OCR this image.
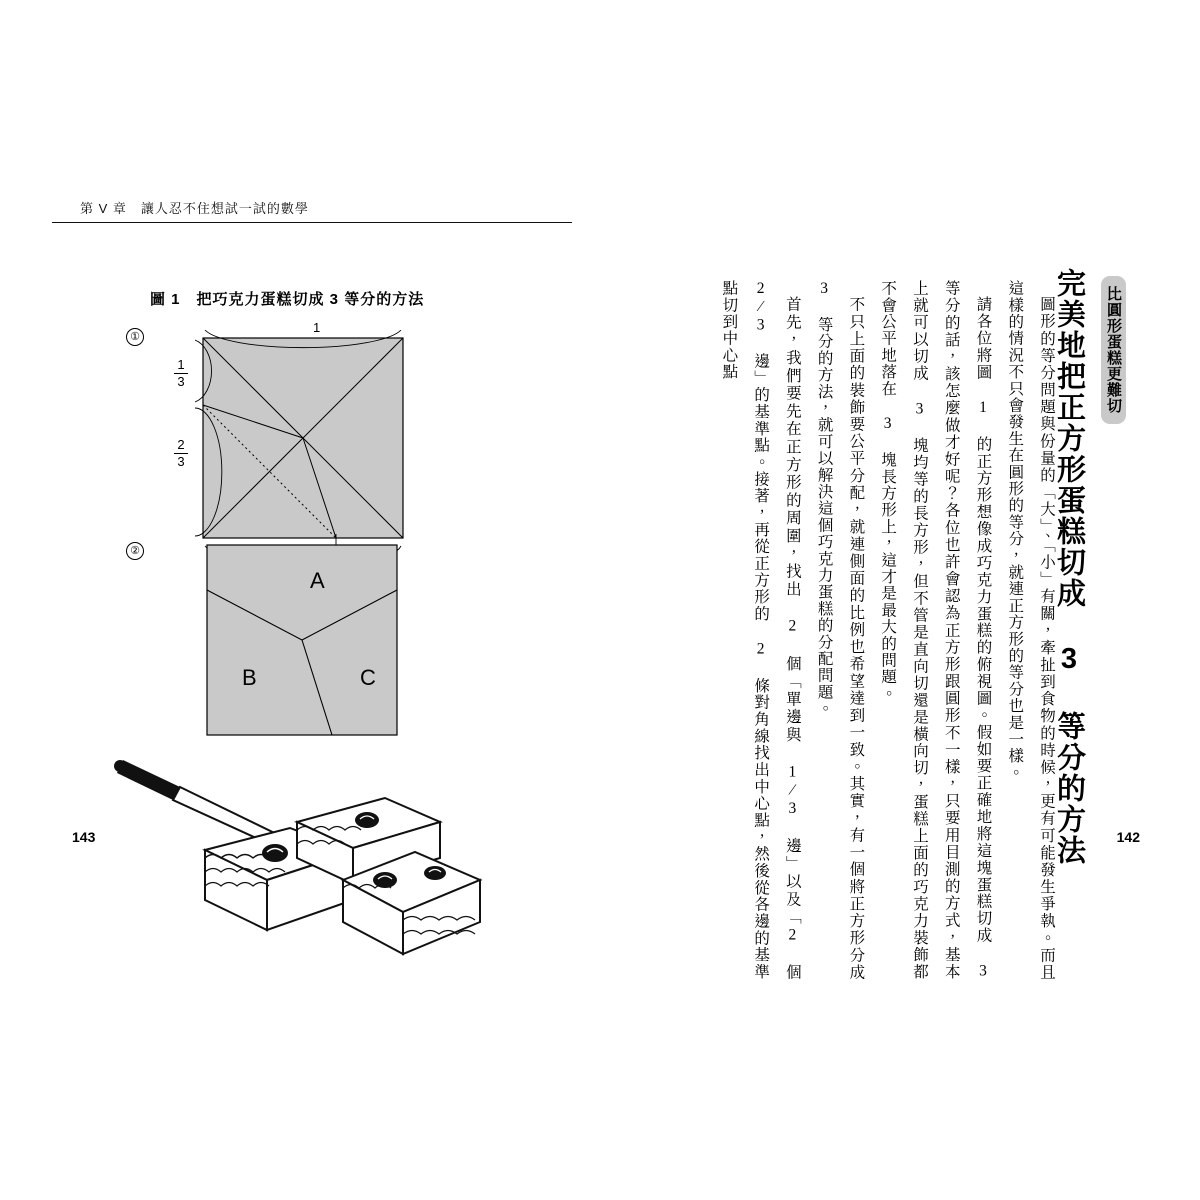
比圓形蛋糕更難切
完美地把正方形蛋糕切成 3 等分的方法

圖形的等分問題與份量的「大」、「小」有關，牽扯到食物的時候，更有可能發生爭執。而且這樣的情況不只會發生在圓形的等分，就連正方形的等分也是一樣。

請各位將圖 1 的正方形想像成巧克力蛋糕的俯視圖。假如要正確地將這塊蛋糕切成 3 等分的話，該怎麼做才好呢？各位也許會認為正方形跟圓形不一樣，只要用目測的方式，基本上就可以切成 3 塊均等的長方形，但不管是直向切還是橫向切，蛋糕上面的巧克力裝飾都不會公平地落在 3 塊長方形上，這才是最大的問題。

不只上面的裝飾要公平分配，就連側面的比例也希望達到一致。其實，有一個將正方形分成 3 等分的方法，就可以解決這個巧克力蛋糕的分配問題。

首先，我們要先在正方形的周圍，找出 2 個「單邊與 1∕3 邊」以及「2 個 2∕3 邊」的基準點。接著，再從正方形的 2 條對角線找出中心點，然後從各邊的基準點切到中心點

142
第 V 章　讓人忍不住想試一試的數學
圖 1　把巧克力蛋糕切成 3 等分的方法
①
②
1
1
3
2
3
A
B	C
143
